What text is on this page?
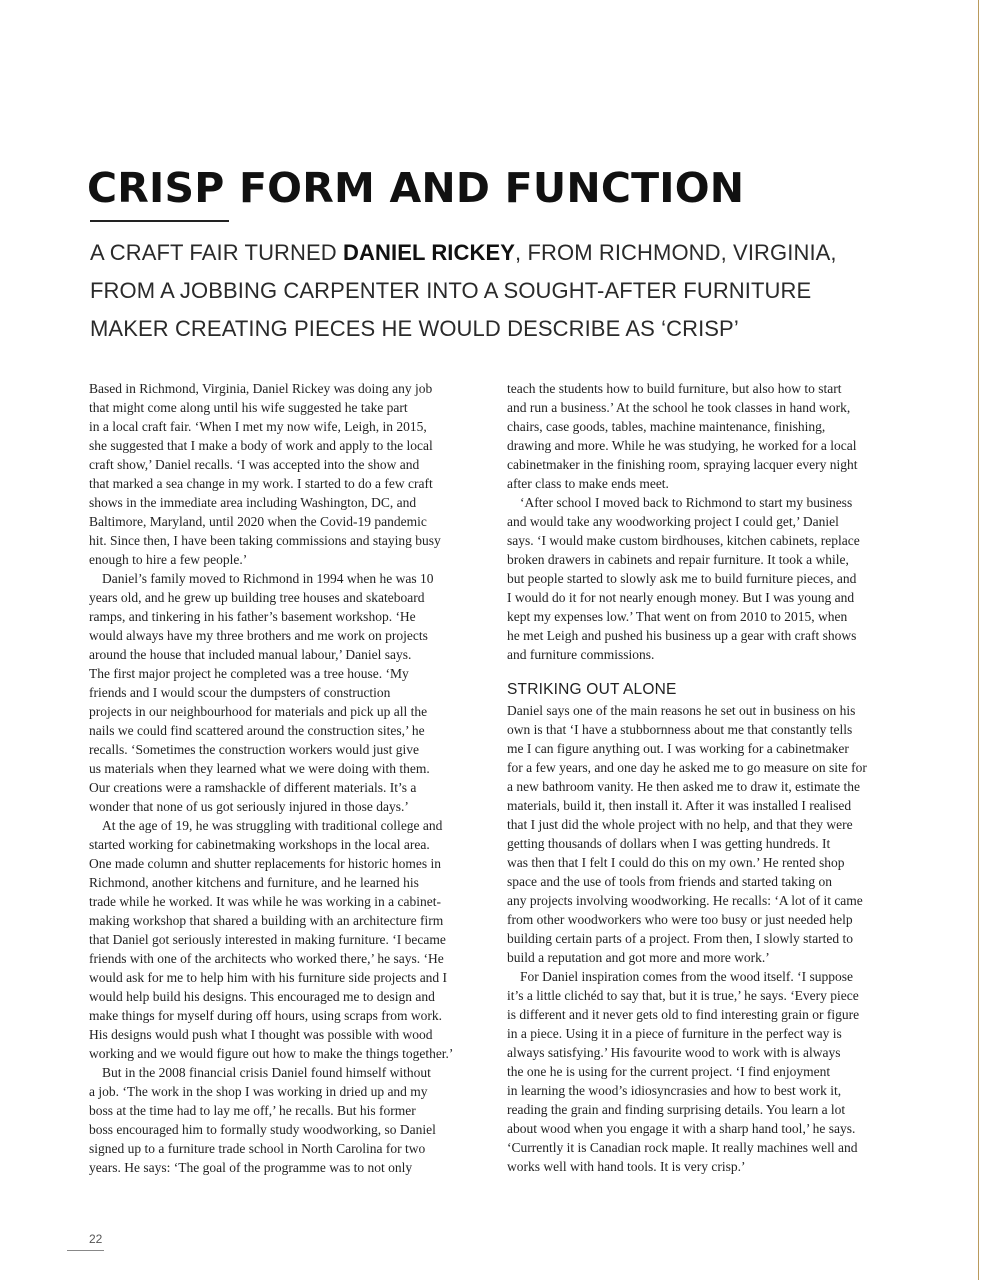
CRISP FORM AND FUNCTION

A CRAFT FAIR TURNED DANIEL RICKEY, FROM RICHMOND, VIRGINIA,

FROM A JOBBING CARPENTER INTO A SOUGHT-AFTER FURNITURE

MAKER CREATING PIECES HE WOULD DESCRIBE AS ‘CRISP’

Based in Richmond, Virginia, Daniel Rickey was doing any job
that might come along until his wife suggested he take part
in a local craft fair. ‘When I met my now wife, Leigh, in 2015,
she suggested that I make a body of work and apply to the local
craft show,’ Daniel recalls. ‘I was accepted into the show and
that marked a sea change in my work. I started to do a few craft
shows in the immediate area including Washington, DC, and
Baltimore, Maryland, until 2020 when the Covid-19 pandemic
hit. Since then, I have been taking commissions and staying busy
enough to hire a few people.’
Daniel’s family moved to Richmond in 1994 when he was 10
years old, and he grew up building tree houses and skateboard
ramps, and tinkering in his father’s basement workshop. ‘He
would always have my three brothers and me work on projects
around the house that included manual labour,’ Daniel says.
The first major project he completed was a tree house. ‘My
friends and I would scour the dumpsters of construction
projects in our neighbourhood for materials and pick up all the
nails we could find scattered around the construction sites,’ he
recalls. ‘Sometimes the construction workers would just give
us materials when they learned what we were doing with them.
Our creations were a ramshackle of different materials. It’s a
wonder that none of us got seriously injured in those days.’
At the age of 19, he was struggling with traditional college and
started working for cabinetmaking workshops in the local area.
One made column and shutter replacements for historic homes in
Richmond, another kitchens and furniture, and he learned his
trade while he worked. It was while he was working in a cabinet-
making workshop that shared a building with an architecture firm
that Daniel got seriously interested in making furniture. ‘I became
friends with one of the architects who worked there,’ he says. ‘He
would ask for me to help him with his furniture side projects and I
would help build his designs. This encouraged me to design and
make things for myself during off hours, using scraps from work.
His designs would push what I thought was possible with wood
working and we would figure out how to make the things together.’
But in the 2008 financial crisis Daniel found himself without
a job. ‘The work in the shop I was working in dried up and my
boss at the time had to lay me off,’ he recalls. But his former
boss encouraged him to formally study woodworking, so Daniel
signed up to a furniture trade school in North Carolina for two
years. He says: ‘The goal of the programme was to not only
teach the students how to build furniture, but also how to start
and run a business.’ At the school he took classes in hand work,
chairs, case goods, tables, machine maintenance, finishing,
drawing and more. While he was studying, he worked for a local
cabinetmaker in the finishing room, spraying lacquer every night
after class to make ends meet.
‘After school I moved back to Richmond to start my business
and would take any woodworking project I could get,’ Daniel
says. ‘I would make custom birdhouses, kitchen cabinets, replace
broken drawers in cabinets and repair furniture. It took a while,
but people started to slowly ask me to build furniture pieces, and
I would do it for not nearly enough money. But I was young and
kept my expenses low.’ That went on from 2010 to 2015, when
he met Leigh and pushed his business up a gear with craft shows
and furniture commissions.
STRIKING OUT ALONE
Daniel says one of the main reasons he set out in business on his
own is that ‘I have a stubbornness about me that constantly tells
me I can figure anything out. I was working for a cabinetmaker
for a few years, and one day he asked me to go measure on site for
a new bathroom vanity. He then asked me to draw it, estimate the
materials, build it, then install it. After it was installed I realised
that I just did the whole project with no help, and that they were
getting thousands of dollars when I was getting hundreds. It
was then that I felt I could do this on my own.’ He rented shop
space and the use of tools from friends and started taking on
any projects involving woodworking. He recalls: ‘A lot of it came
from other woodworkers who were too busy or just needed help
building certain parts of a project. From then, I slowly started to
build a reputation and got more and more work.’
For Daniel inspiration comes from the wood itself. ‘I suppose
it’s a little clichéd to say that, but it is true,’ he says. ‘Every piece
is different and it never gets old to find interesting grain or figure
in a piece. Using it in a piece of furniture in the perfect way is
always satisfying.’ His favourite wood to work with is always
the one he is using for the current project. ‘I find enjoyment
in learning the wood’s idiosyncrasies and how to best work it,
reading the grain and finding surprising details. You learn a lot
about wood when you engage it with a sharp hand tool,’ he says.
‘Currently it is Canadian rock maple. It really machines well and
works well with hand tools. It is very crisp.’
22
